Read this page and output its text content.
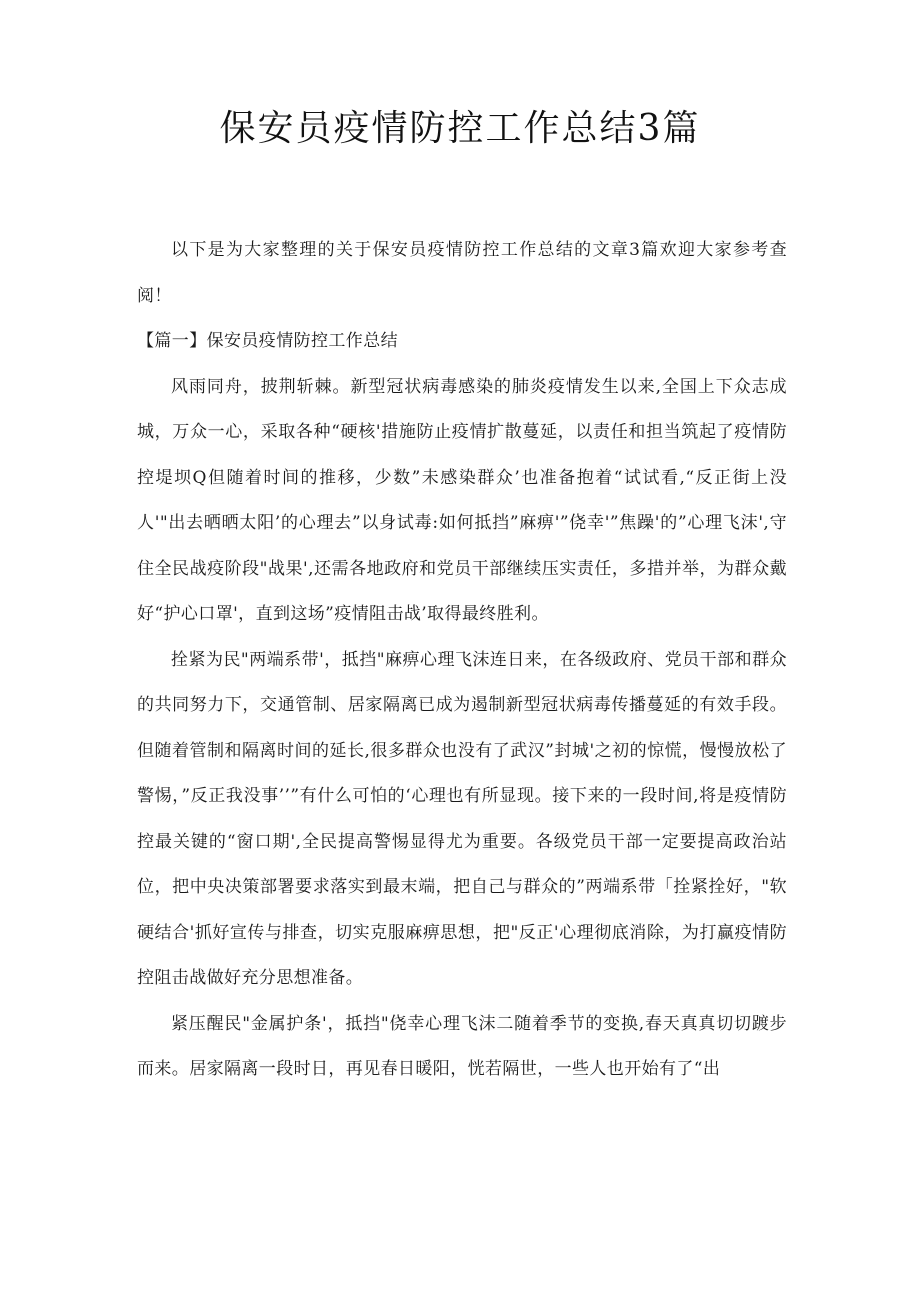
保安员疫情防控工作总结3篇

以下是为大家整理的关于保安员疫情防控工作总结的文章3篇欢迎大家参考查阅！

【篇一】保安员疫情防控工作总结

风雨同舟，披荆斩棘。新型冠状病毒感染的肺炎疫情发生以来,全国上下众志成城，万众一心，采取各种“硬核'措施防止疫情扩散蔓延，以责任和担当筑起了疫情防控堤坝Q但随着时间的推移，少数”未感染群众’也准备抱着“试试看,“反正街上没人'"出去晒晒太阳’的心理去”以身试毒:如何抵挡”麻痹'”侥幸'”焦躁'的”心理飞沫',守住全民战疫阶段"战果',还需各地政府和党员干部继续压实责任，多措并举，为群众戴好“护心口罩'，直到这场”疫情阻击战’取得最终胜利。

拴紧为民"两端系带'，抵挡"麻痹心理飞沫连日来，在各级政府、党员干部和群众的共同努力下，交通管制、居家隔离已成为遏制新型冠状病毒传播蔓延的有效手段。但随着管制和隔离时间的延长,很多群众也没有了武汉”封城'之初的惊慌，慢慢放松了警惕，”反正我没事’’”有什么可怕的‘心理也有所显现。接下来的一段时间,将是疫情防控最关键的“窗口期',全民提高警惕显得尤为重要。各级党员干部一定要提高政治站位，把中央决策部署要求落实到最末端，把自己与群众的”两端系带「拴紧拴好，"软硬结合'抓好宣传与排查，切实克服麻痹思想，把"反正'心理彻底消除，为打赢疫情防控阻击战做好充分思想准备。

紧压醒民"金属护条'，抵挡"侥幸心理飞沫二随着季节的变换,春天真真切切踱步而来。居家隔离一段时日，再见春日暖阳，恍若隔世，一些人也开始有了“出
